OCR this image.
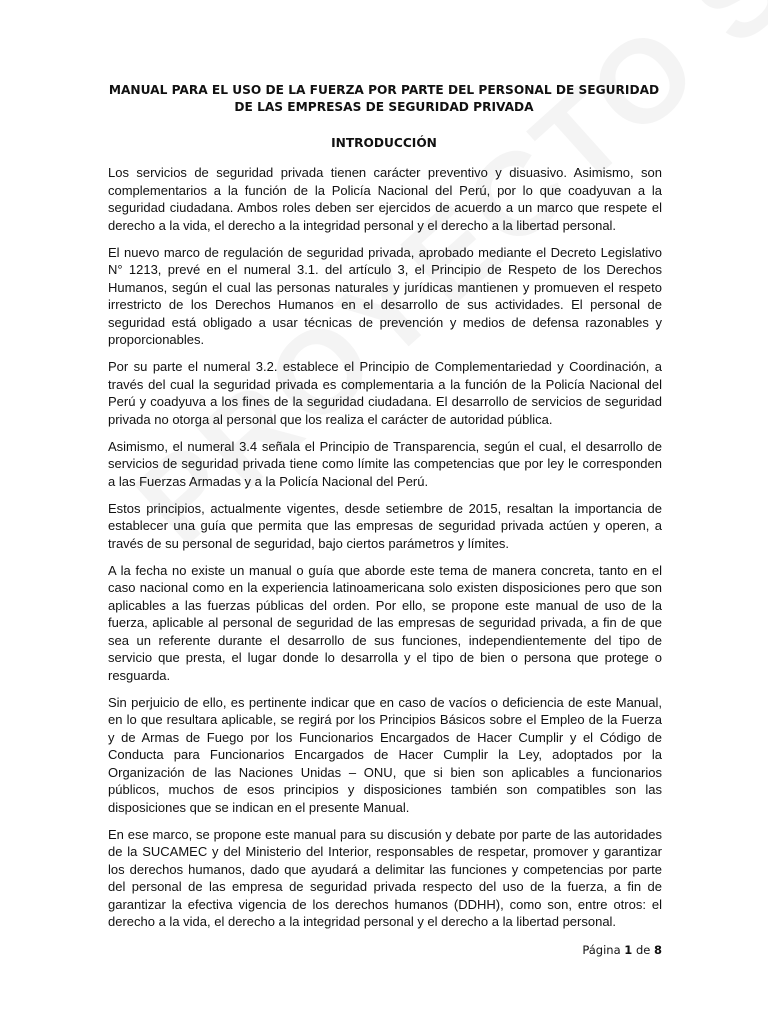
MANUAL PARA EL USO DE LA FUERZA POR PARTE DEL PERSONAL DE SEGURIDAD
DE LAS EMPRESAS DE SEGURIDAD PRIVADA
INTRODUCCIÓN

Los servicios de seguridad privada tienen carácter preventivo y disuasivo. Asimismo, son complementarios a la función de la Policía Nacional del Perú, por lo que coadyuvan a la seguridad ciudadana. Ambos roles deben ser ejercidos de acuerdo a un marco que respete el derecho a la vida, el derecho a la integridad personal y el derecho a la libertad personal.

El nuevo marco de regulación de seguridad privada, aprobado mediante el Decreto Legislativo N° 1213, prevé en el numeral 3.1. del artículo 3, el Principio de Respeto de los Derechos Humanos, según el cual las personas naturales y jurídicas mantienen y promueven el respeto irrestricto de los Derechos Humanos en el desarrollo de sus actividades. El personal de seguridad está obligado a usar técnicas de prevención y medios de defensa razonables y proporcionables.

Por su parte el numeral 3.2. establece el Principio de Complementariedad y Coordinación, a través del cual la seguridad privada es complementaria a la función de la Policía Nacional del Perú y coadyuva a los fines de la seguridad ciudadana. El desarrollo de servicios de seguridad privada no otorga al personal que los realiza el carácter de autoridad pública.

Asimismo, el numeral 3.4 señala el Principio de Transparencia, según el cual, el desarrollo de servicios de seguridad privada tiene como límite las competencias que por ley le corresponden a las Fuerzas Armadas y a la Policía Nacional del Perú.

Estos principios, actualmente vigentes, desde setiembre de 2015, resaltan la importancia de establecer una guía que permita que las empresas de seguridad privada actúen y operen, a través de su personal de seguridad, bajo ciertos parámetros y límites.

A la fecha no existe un manual o guía que aborde este tema de manera concreta, tanto en el caso nacional como en la experiencia latinoamericana solo existen disposiciones pero que son aplicables a las fuerzas públicas del orden. Por ello, se propone este manual de uso de la fuerza, aplicable al personal de seguridad de las empresas de seguridad privada, a fin de que sea un referente durante el desarrollo de sus funciones, independientemente del tipo de servicio que presta, el lugar donde lo desarrolla y el tipo de bien o persona que protege o resguarda.

Sin perjuicio de ello, es pertinente indicar que en caso de vacíos o deficiencia de este Manual, en lo que resultara aplicable, se regirá por los Principios Básicos sobre el Empleo de la Fuerza y de Armas de Fuego por los Funcionarios Encargados de Hacer Cumplir y el Código de Conducta para Funcionarios Encargados de Hacer Cumplir la Ley, adoptados por la Organización de las Naciones Unidas – ONU, que si bien son aplicables a funcionarios públicos, muchos de esos principios y disposiciones también son compatibles son las disposiciones que se indican en el presente Manual.

En ese marco, se propone este manual para su discusión y debate por parte de las autoridades de la SUCAMEC y del Ministerio del Interior, responsables de respetar, promover y garantizar los derechos humanos, dado que ayudará a delimitar las funciones y competencias por parte del personal de las empresa de seguridad privada respecto del uso de la fuerza, a fin de garantizar la efectiva vigencia de los derechos humanos (DDHH), como son, entre otros: el derecho a la vida, el derecho a la integridad personal y el derecho a la libertad personal.

Página 1 de 8
